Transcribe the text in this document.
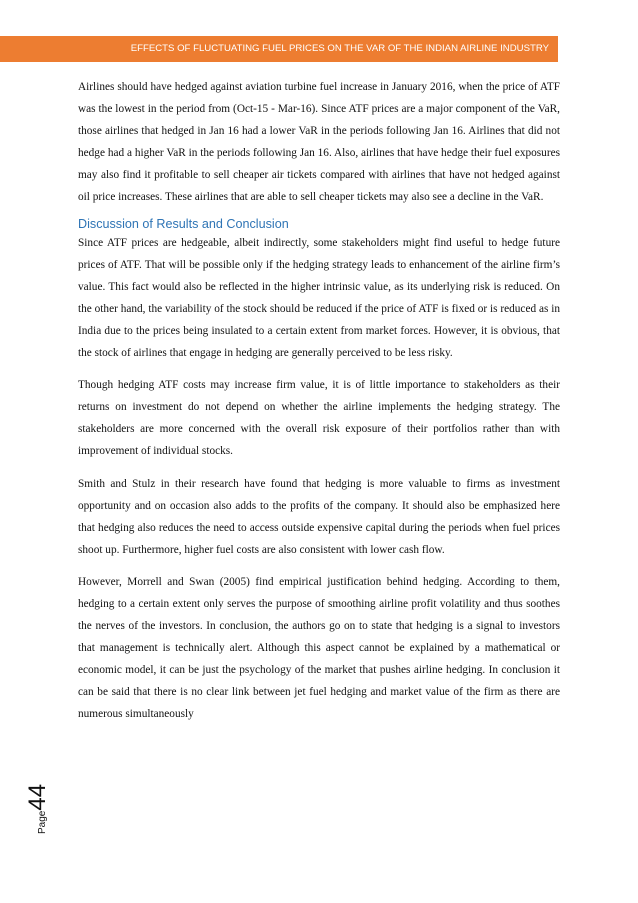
EFFECTS OF FLUCTUATING FUEL PRICES ON THE VAR OF THE INDIAN AIRLINE INDUSTRY

Airlines should have hedged against aviation turbine fuel increase in January 2016, when the price of ATF was the lowest in the period from (Oct-15 - Mar-16). Since ATF prices are a major component of the VaR, those airlines that hedged in Jan 16 had a lower VaR in the periods following Jan 16. Airlines that did not hedge had a higher VaR in the periods following Jan 16. Also, airlines that have hedge their fuel exposures may also find it profitable to sell cheaper air tickets compared with airlines that have not hedged against oil price increases. These airlines that are able to sell cheaper tickets may also see a decline in the VaR.

Discussion of Results and Conclusion

Since ATF prices are hedgeable, albeit indirectly, some stakeholders might find useful to hedge future prices of ATF. That will be possible only if the hedging strategy leads to enhancement of the airline firm’s value. This fact would also be reflected in the higher intrinsic value, as its underlying risk is reduced. On the other hand, the variability of the stock should be reduced if the price of ATF is fixed or is reduced as in India due to the prices being insulated to a certain extent from market forces. However, it is obvious, that the stock of airlines that engage in hedging are generally perceived to be less risky.

Though hedging ATF costs may increase firm value, it is of little importance to stakeholders as their returns on investment do not depend on whether the airline implements the hedging strategy. The stakeholders are more concerned with the overall risk exposure of their portfolios rather than with improvement of individual stocks.

Smith and Stulz in their research have found that hedging is more valuable to firms as investment opportunity and on occasion also adds to the profits of the company. It should also be emphasized here that hedging also reduces the need to access outside expensive capital during the periods when fuel prices shoot up. Furthermore, higher fuel costs are also consistent with lower cash flow.

However, Morrell and Swan (2005) find empirical justification behind hedging. According to them, hedging to a certain extent only serves the purpose of smoothing airline profit volatility and thus soothes the nerves of the investors. In conclusion, the authors go on to state that hedging is a signal to investors that management is technically alert. Although this aspect cannot be explained by a mathematical or economic model, it can be just the psychology of the market that pushes airline hedging. In conclusion it can be said that there is no clear link between jet fuel hedging and market value of the firm as there are numerous simultaneously

Page44
